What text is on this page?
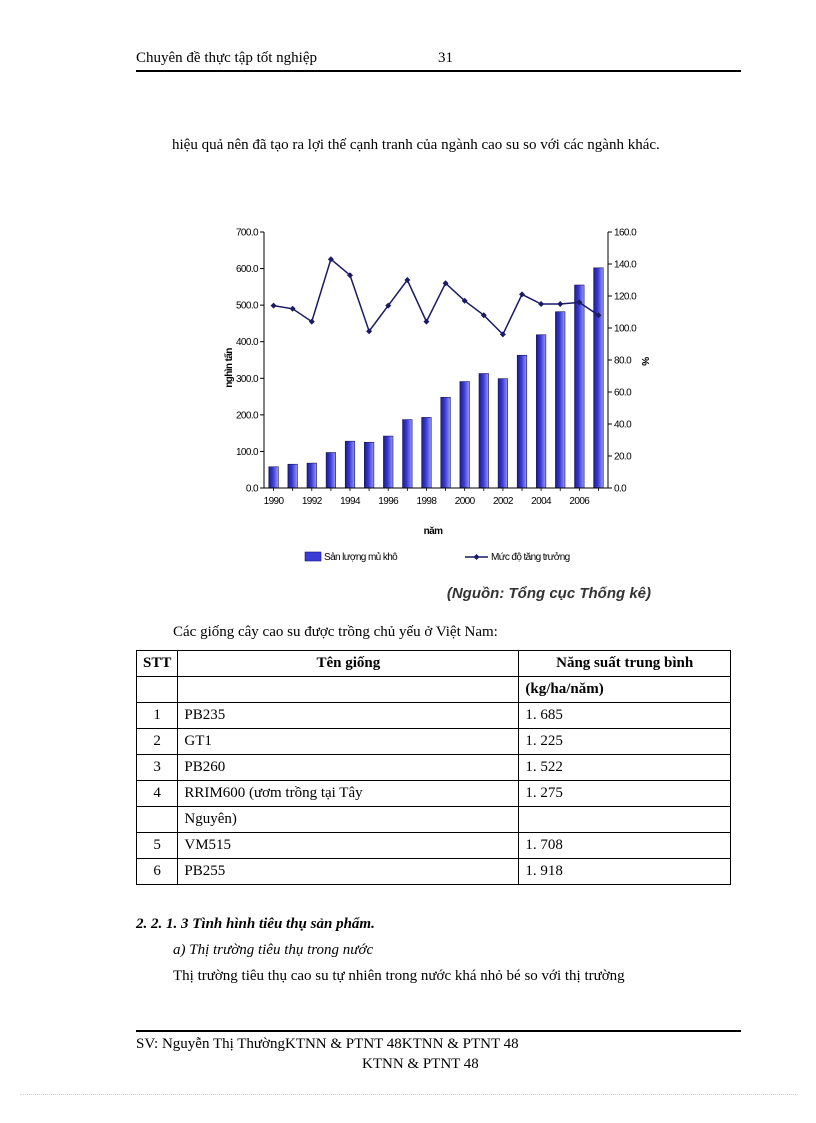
Chuyên đề thực tập tốt nghiệp	31
hiệu quả nên đã tạo ra lợi thế cạnh tranh của ngành cao su so với các ngành khác.
0.0
100.0
200.0
300.0
400.0
500.0
600.0
700.0
0.0
20.0
40.0
60.0
80.0
100.0
120.0
140.0
160.0
1990 1992 1994 1996 1998 2000 2002 2004 2006
nghìn tấn	%
năm
Sản lượng mủ khô	Mức độ tăng trưởng
(Nguồn: Tổng cục Thống kê)
Các giống cây cao su được trồng chủ yếu ở Việt Nam:
STT	Tên giống	Năng suất trung bình
		(kg/ha/năm)
1	PB235	1. 685
2	GT1	1. 225
3	PB260	1. 522
4	RRIM600 (ươm trồng tại Tây	1. 275
	Nguyên)	
5	VM515	1. 708
6	PB255	1. 918
2. 2. 1. 3 Tình hình tiêu thụ sản phẩm.
a) Thị trường tiêu thụ trong nước
Thị trường tiêu thụ cao su tự nhiên trong nước khá nhỏ bé so với thị trường
SV: Nguyễn Thị ThườngKTNN & PTNT 48KTNN & PTNT 48
KTNN & PTNT 48
